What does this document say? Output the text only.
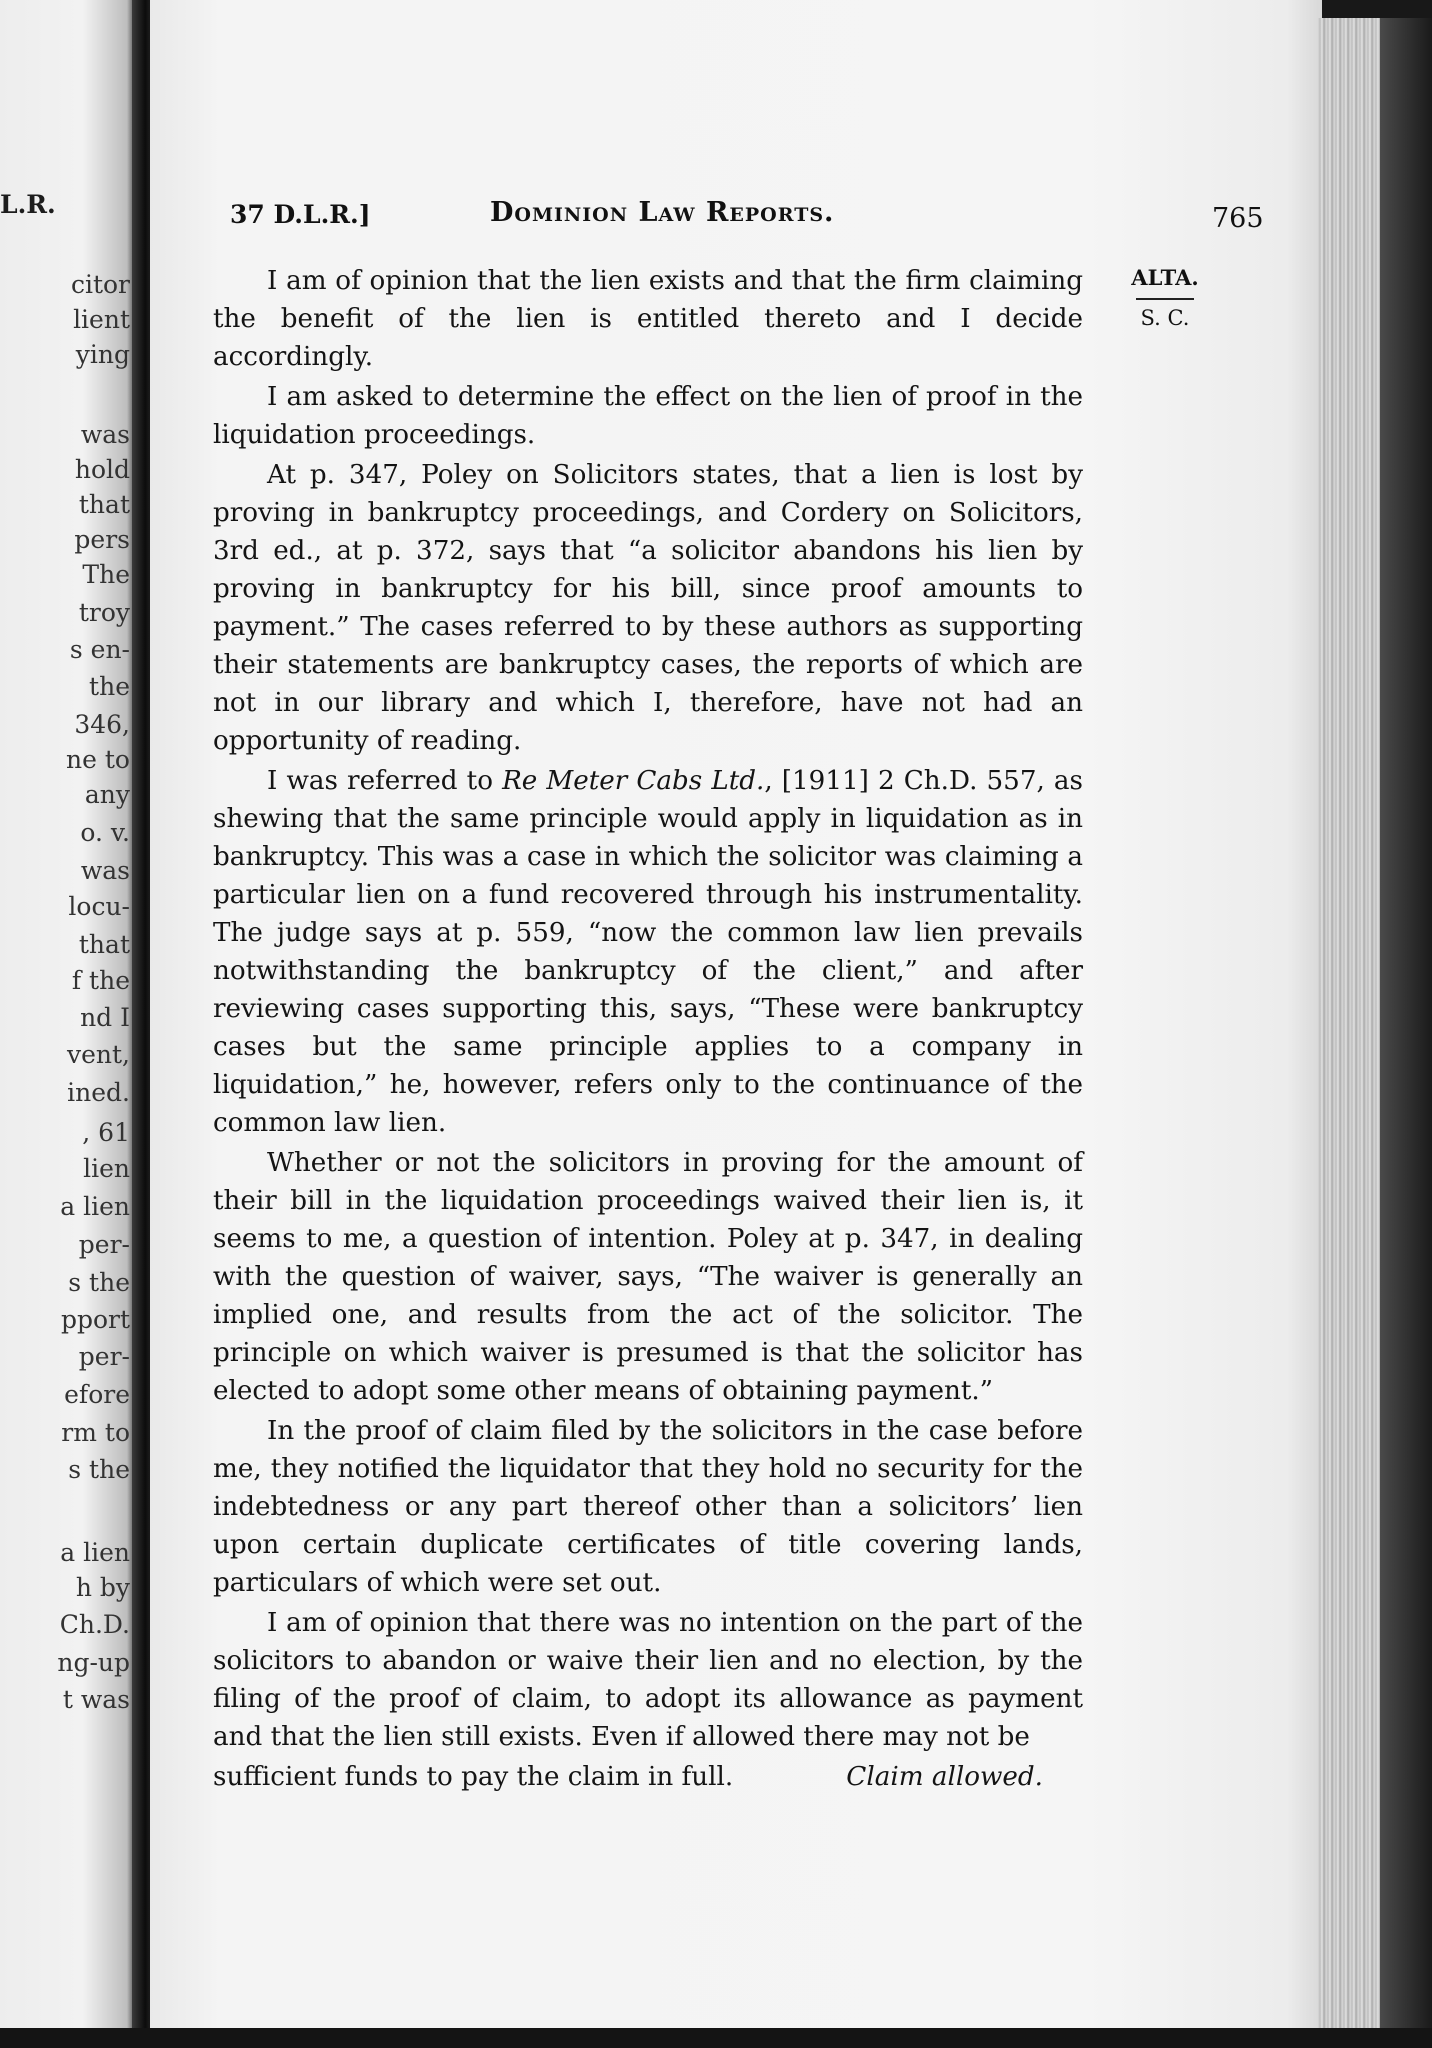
L.R.
citor
lient
ying
was
hold
that
pers
The
troy
s en-
the
346,
ne to
any
o. v.
was
locu-
that
f the
nd I
vent,
ined.
, 61
lien
a lien
per-
s the
pport
per-
efore
rm to
s the
a lien
h by
Ch.D.
ng-up
t was
37 D.L.R.]	Dominion Law Reports.	765
ALTA.
S. C.

I am of opinion that the lien exists and that the firm claiming the benefit of the lien is entitled thereto and I decide accordingly.

I am asked to determine the effect on the lien of proof in the liquidation proceedings.

At p. 347, Poley on Solicitors states, that a lien is lost by proving in bankruptcy proceedings, and Cordery on Solicitors, 3rd ed., at p. 372, says that “a solicitor abandons his lien by proving in bankruptcy for his bill, since proof amounts to payment.” The cases referred to by these authors as supporting their statements are bankruptcy cases, the reports of which are not in our library and which I, therefore, have not had an opportunity of reading.

I was referred to Re Meter Cabs Ltd., [1911] 2 Ch.D. 557, as shewing that the same principle would apply in liquidation as in bankruptcy. This was a case in which the solicitor was claiming a particular lien on a fund recovered through his instrumentality. The judge says at p. 559, “now the common law lien prevails notwithstanding the bankruptcy of the client,” and after reviewing cases supporting this, says, “These were bankruptcy cases but the same principle applies to a company in liquidation,” he, however, refers only to the continuance of the common law lien.

Whether or not the solicitors in proving for the amount of their bill in the liquidation proceedings waived their lien is, it seems to me, a question of intention. Poley at p. 347, in dealing with the question of waiver, says, “The waiver is generally an implied one, and results from the act of the solicitor. The principle on which waiver is presumed is that the solicitor has elected to adopt some other means of obtaining payment.”

In the proof of claim filed by the solicitors in the case before me, they notified the liquidator that they hold no security for the indebtedness or any part thereof other than a solicitors’ lien upon certain duplicate certificates of title covering lands, particulars of which were set out.

I am of opinion that there was no intention on the part of the solicitors to abandon or waive their lien and no election, by the filing of the proof of claim, to adopt its allowance as payment and that the lien still exists. Even if allowed there may not be

sufficient funds to pay the claim in full.	Claim allowed.
